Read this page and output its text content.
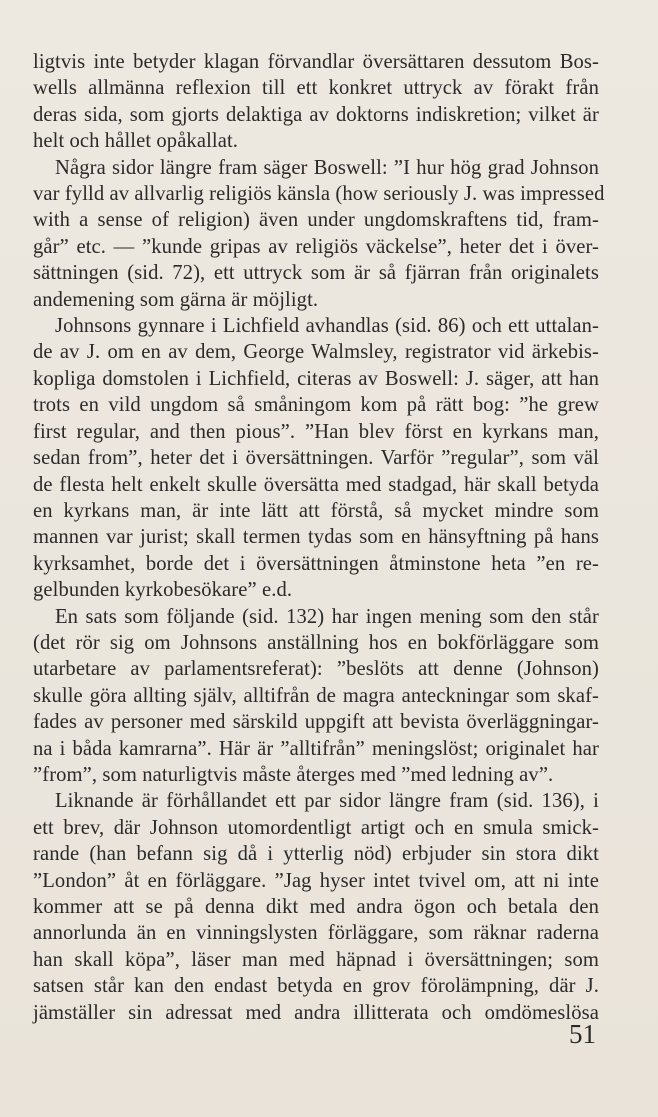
ligtvis inte betyder klagan förvandlar översättaren dessutom Bos-
wells allmänna reflexion till ett konkret uttryck av förakt från
deras sida, som gjorts delaktiga av doktorns indiskretion; vilket är
helt och hållet opåkallat.
Några sidor längre fram säger Boswell: ”I hur hög grad Johnson
var fylld av allvarlig religiös känsla (how seriously J. was impressed
with a sense of religion) även under ungdomskraftens tid, fram-
går” etc. — ”kunde gripas av religiös väckelse”, heter det i över-
sättningen (sid. 72), ett uttryck som är så fjärran från originalets
andemening som gärna är möjligt.
Johnsons gynnare i Lichfield avhandlas (sid. 86) och ett uttalan-
de av J. om en av dem, George Walmsley, registrator vid ärkebis-
kopliga domstolen i Lichfield, citeras av Boswell: J. säger, att han
trots en vild ungdom så småningom kom på rätt bog: ”he grew
first regular, and then pious”. ”Han blev först en kyrkans man,
sedan from”, heter det i översättningen. Varför ”regular”, som väl
de flesta helt enkelt skulle översätta med stadgad, här skall betyda
en kyrkans man, är inte lätt att förstå, så mycket mindre som
mannen var jurist; skall termen tydas som en hänsyftning på hans
kyrksamhet, borde det i översättningen åtminstone heta ”en re-
gelbunden kyrkobesökare” e.d.
En sats som följande (sid. 132) har ingen mening som den står
(det rör sig om Johnsons anställning hos en bokförläggare som
utarbetare av parlamentsreferat): ”beslöts att denne (Johnson)
skulle göra allting själv, alltifrån de magra anteckningar som skaf-
fades av personer med särskild uppgift att bevista överläggningar-
na i båda kamrarna”. Här är ”alltifrån” meningslöst; originalet har
”from”, som naturligtvis måste återges med ”med ledning av”.
Liknande är förhållandet ett par sidor längre fram (sid. 136), i
ett brev, där Johnson utomordentligt artigt och en smula smick-
rande (han befann sig då i ytterlig nöd) erbjuder sin stora dikt
”London” åt en förläggare. ”Jag hyser intet tvivel om, att ni inte
kommer att se på denna dikt med andra ögon och betala den
annorlunda än en vinningslysten förläggare, som räknar raderna
han skall köpa”, läser man med häpnad i översättningen; som
satsen står kan den endast betyda en grov förolämpning, där J.
jämställer sin adressat med andra illitterata och omdömeslösa
51
